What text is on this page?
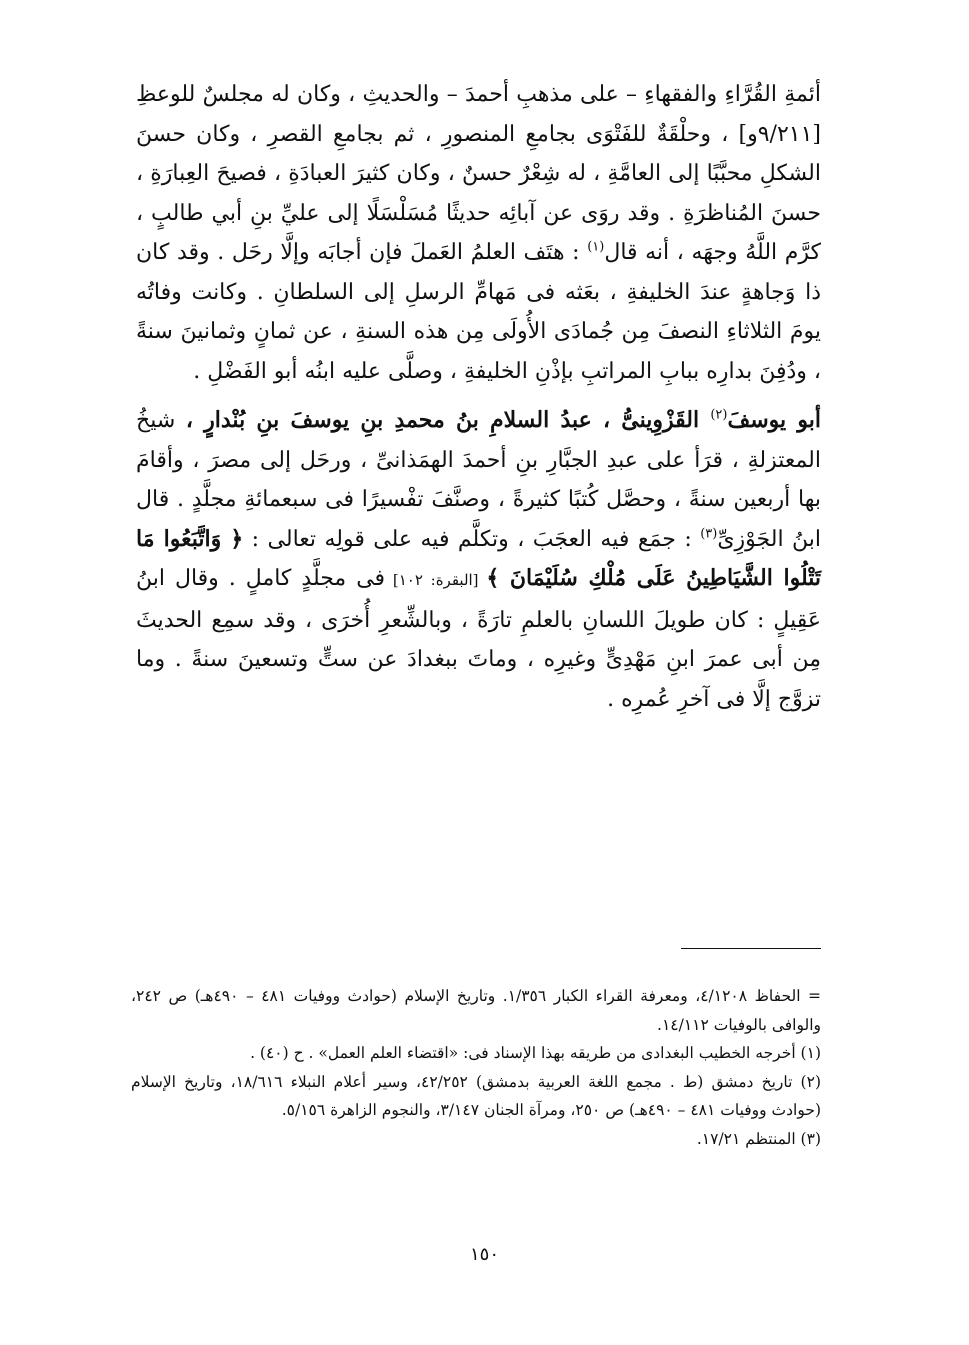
أئمةِ القُرَّاءِ والفقهاءِ – على مذهبِ أحمدَ – والحديثِ ، وكان له مجلسٌ للوعظِ [٩/٢١١و] ، وحلْقَةٌ للفَتْوَى بجامعِ المنصورِ ، ثم بجامعِ القصرِ ، وكان حسنَ الشكلِ محبَّبًا إلى العامَّةِ ، له شِعْرٌ حسنٌ ، وكان كثيرَ العبادَةِ ، فصيحَ العِبارَةِ ، حسنَ المُناظرَةِ . وقد روَى عن آبائِه حديثًا مُسَلْسَلًا إلى عليِّ بنِ أبي طالبٍ ، كرَّم اللَّهُ وجهَه ، أنه قال$^{(١)}$ : هتَف العلمُ العَملَ فإن أجابَه وإلَّا رحَل . وقد كان ذا وَجاهةٍ عندَ الخليفةِ ، بعَثه فى مَهامِّ الرسلِ إلى السلطانِ . وكانت وفاتُه يومَ الثلاثاءِ النصفَ مِن جُمادَى الأُولَى مِن هذه السنةِ ، عن ثمانٍ وثمانينَ سنةً ، ودُفِنَ بدارِه ببابِ المراتبِ بإذْنِ الخليفةِ ، وصلَّى عليه ابنُه أبو الفَضْلِ .

أبو يوسفَ$^{(٢)}$ القَزْوِينىُّ ، عبدُ السلامِ بنُ محمدِ بنِ يوسفَ بنِ بُنْدارٍ ، شيخُ المعتزلةِ ، قرَأ على عبدِ الجبَّارِ بنِ أحمدَ الهمَذانىِّ ، ورحَل إلى مصرَ ، وأقامَ بها أربعين سنةً ، وحصَّل كُتبًا كثيرةً ، وصنَّفَ تفْسيرًا فى سبعمائةِ مجلَّدٍ . قال ابنُ الجَوْزِىِّ$^{(٣)}$ : جمَع فيه العجَبَ ، وتكلَّم فيه على قولِه تعالى : ﴿ وَاتَّبَعُوا مَا تَتْلُوا الشَّيَاطِينُ عَلَى مُلْكِ سُلَيْمَانَ ﴾ [البقرة: ١٠٢] فى مجلَّدٍ كاملٍ . وقال ابنُ عَقِيلٍ : كان طويلَ اللسانِ بالعلمِ تارَةً ، وبالشِّعرِ أُخرَى ، وقد سمِع الحديثَ مِن أبى عمرَ ابنِ مَهْدِىٍّ وغيرِه ، وماتَ ببغدادَ عن ستٍّ وتسعينَ سنةً . وما تزوَّج إلَّا فى آخرِ عُمرِه .

= الحفاظ ٤/١٢٠٨، ومعرفة القراء الكبار ١/٣٥٦. وتاريخ الإسلام (حوادث ووفيات ٤٨١ – ٤٩٠هـ) ص ٢٤٢، والوافى بالوفيات ١٤/١١٢.

(١) أخرجه الخطيب البغدادى من طريقه بهذا الإسناد فى: «اقتضاء العلم العمل» . ح (٤٠) .

(٢) تاريخ دمشق (ط . مجمع اللغة العربية بدمشق) ٤٢/٢٥٢، وسير أعلام النبلاء ١٨/٦١٦، وتاريخ الإسلام (حوادث ووفيات ٤٨١ – ٤٩٠هـ) ص ٢٥٠، ومرآة الجنان ٣/١٤٧، والنجوم الزاهرة ٥/١٥٦.

(٣) المنتظم ١٧/٢١.

١٥٠
